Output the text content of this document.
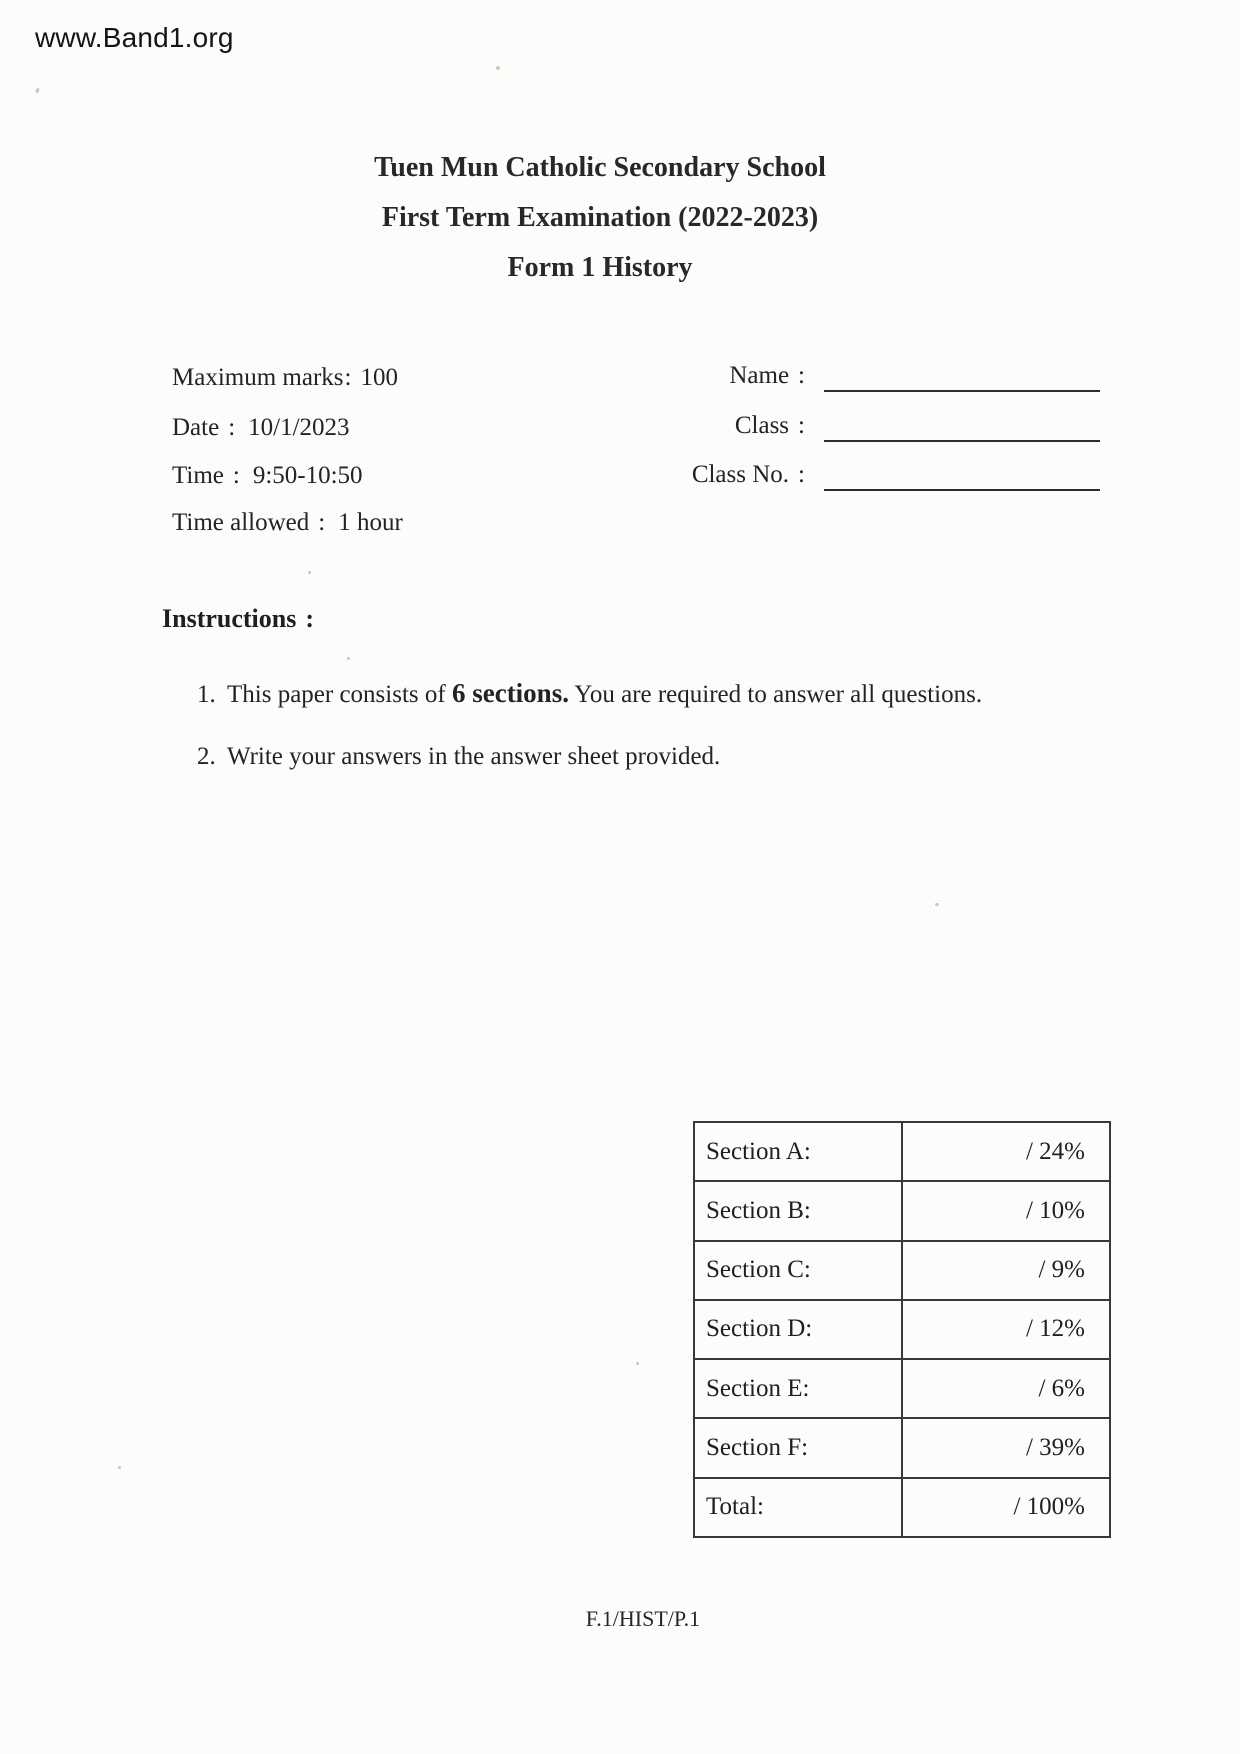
www.Band1.org
Tuen Mun Catholic Secondary School
First Term Examination (2022-2023)
Form 1 History
Maximum marks: 100
Date : 10/1/2023
Time : 9:50-10:50
Time allowed : 1 hour
Name :
Class :
Class No. :
Instructions :
1. This paper consists of 6 sections. You are required to answer all questions.
2. Write your answers in the answer sheet provided.
Section A:	/ 24%
Section B:	/ 10%
Section C:	/ 9%
Section D:	/ 12%
Section E:	/ 6%
Section F:	/ 39%
Total:	/ 100%
F.1/HIST/P.1
